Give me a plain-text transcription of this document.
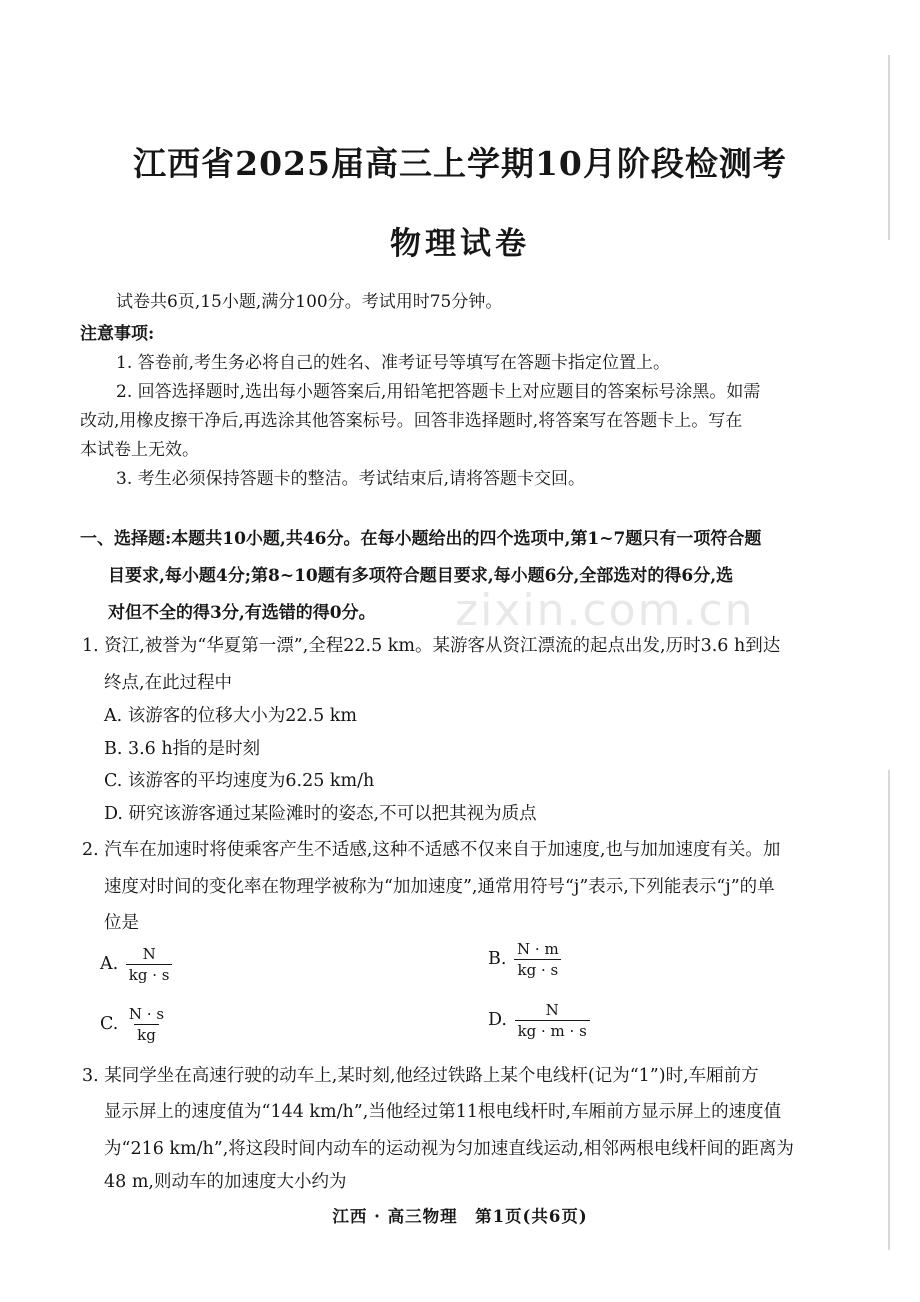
zixin.com.cn
江西省2025届高三上学期10月阶段检测考
物理试卷
试卷共6页,15小题,满分100分。考试用时75分钟。
注意事项:
1. 答卷前,考生务必将自己的姓名、准考证号等填写在答题卡指定位置上。
2. 回答选择题时,选出每小题答案后,用铅笔把答题卡上对应题目的答案标号涂黑。如需
改动,用橡皮擦干净后,再选涂其他答案标号。回答非选择题时,将答案写在答题卡上。写在
本试卷上无效。
3. 考生必须保持答题卡的整洁。考试结束后,请将答题卡交回。
一、选择题:本题共10小题,共46分。在每小题给出的四个选项中,第1~7题只有一项符合题
目要求,每小题4分;第8~10题有多项符合题目要求,每小题6分,全部选对的得6分,选
对但不全的得3分,有选错的得0分。
1. 资江,被誉为“华夏第一漂”,全程22.5 km。某游客从资江漂流的起点出发,历时3.6 h到达
终点,在此过程中
A. 该游客的位移大小为22.5 km
B. 3.6 h指的是时刻
C. 该游客的平均速度为6.25 km/h
D. 研究该游客通过某险滩时的姿态,不可以把其视为质点
2. 汽车在加速时将使乘客产生不适感,这种不适感不仅来自于加速度,也与加加速度有关。加
速度对时间的变化率在物理学被称为“加加速度”,通常用符号“j”表示,下列能表示“j”的单
位是
A. $\frac{N}{kg \cdot s}$	B. $\frac{N \cdot m}{kg \cdot s}$
C. $\frac{N \cdot s}{kg}$	D. $\frac{N}{kg \cdot m \cdot s}$
3. 某同学坐在高速行驶的动车上,某时刻,他经过铁路上某个电线杆(记为“1”)时,车厢前方
显示屏上的速度值为“144 km/h”,当他经过第11根电线杆时,车厢前方显示屏上的速度值
为“216 km/h”,将这段时间内动车的运动视为匀加速直线运动,相邻两根电线杆间的距离为
48 m,则动车的加速度大小约为
江西 · 高三物理　第1页(共6页)
